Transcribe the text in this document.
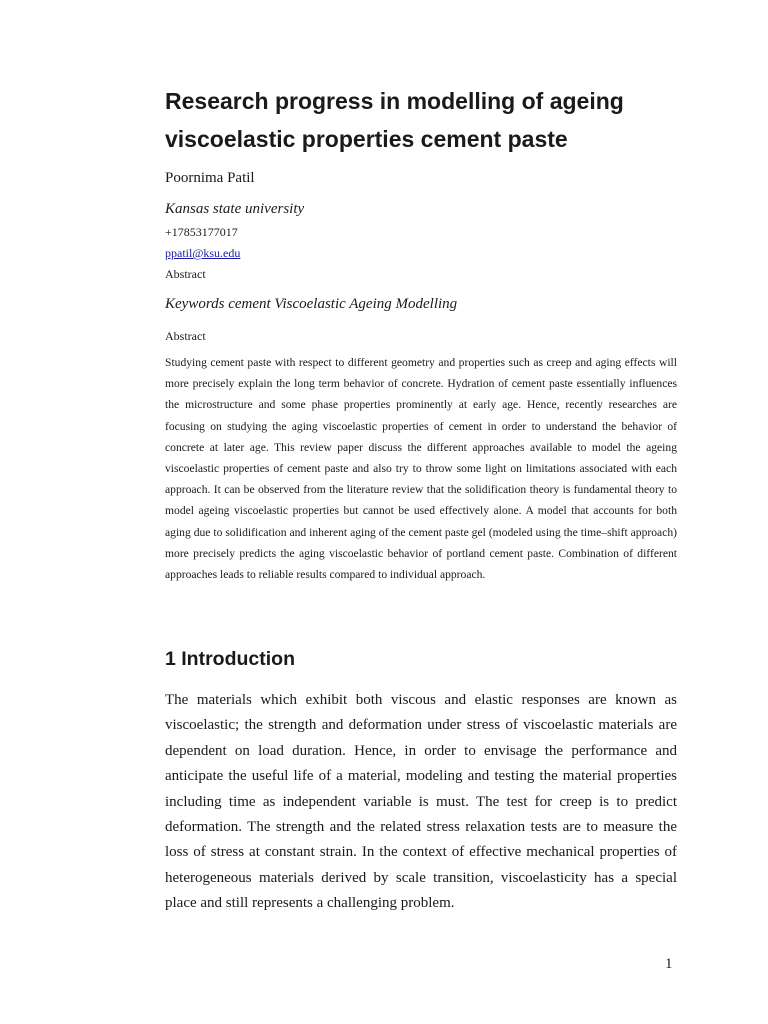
Research progress in modelling of ageing
viscoelastic properties cement paste
Poornima Patil
Kansas state university
+17853177017
ppatil@ksu.edu
Abstract
Keywords cement Viscoelastic Ageing Modelling
Abstract

Studying cement paste with respect to different geometry and properties such as creep and aging effects will more precisely explain the long term behavior of concrete. Hydration of cement paste essentially influences the microstructure and some phase properties prominently at early age. Hence, recently researches are focusing on studying the aging viscoelastic properties of cement in order to understand the behavior of concrete at later age. This review paper discuss the different approaches available to model the ageing viscoelastic properties of cement paste and also try to throw some light on limitations associated with each approach. It can be observed from the literature review that the solidification theory is fundamental theory to model ageing viscoelastic properties but cannot be used effectively alone. A model that accounts for both aging due to solidification and inherent aging of the cement paste gel (modeled using the time–shift approach) more precisely predicts the aging viscoelastic behavior of portland cement paste. Combination of different approaches leads to reliable results compared to individual approach.

1 Introduction

The materials which exhibit both viscous and elastic responses are known as viscoelastic; the strength and deformation under stress of viscoelastic materials are dependent on load duration. Hence, in order to envisage the performance and anticipate the useful life of a material, modeling and testing the material properties including time as independent variable is must. The test for creep is to predict deformation. The strength and the related stress relaxation tests are to measure the loss of stress at constant strain. In the context of effective mechanical properties of heterogeneous materials derived by scale transition, viscoelasticity has a special place and still represents a challenging problem.

1
